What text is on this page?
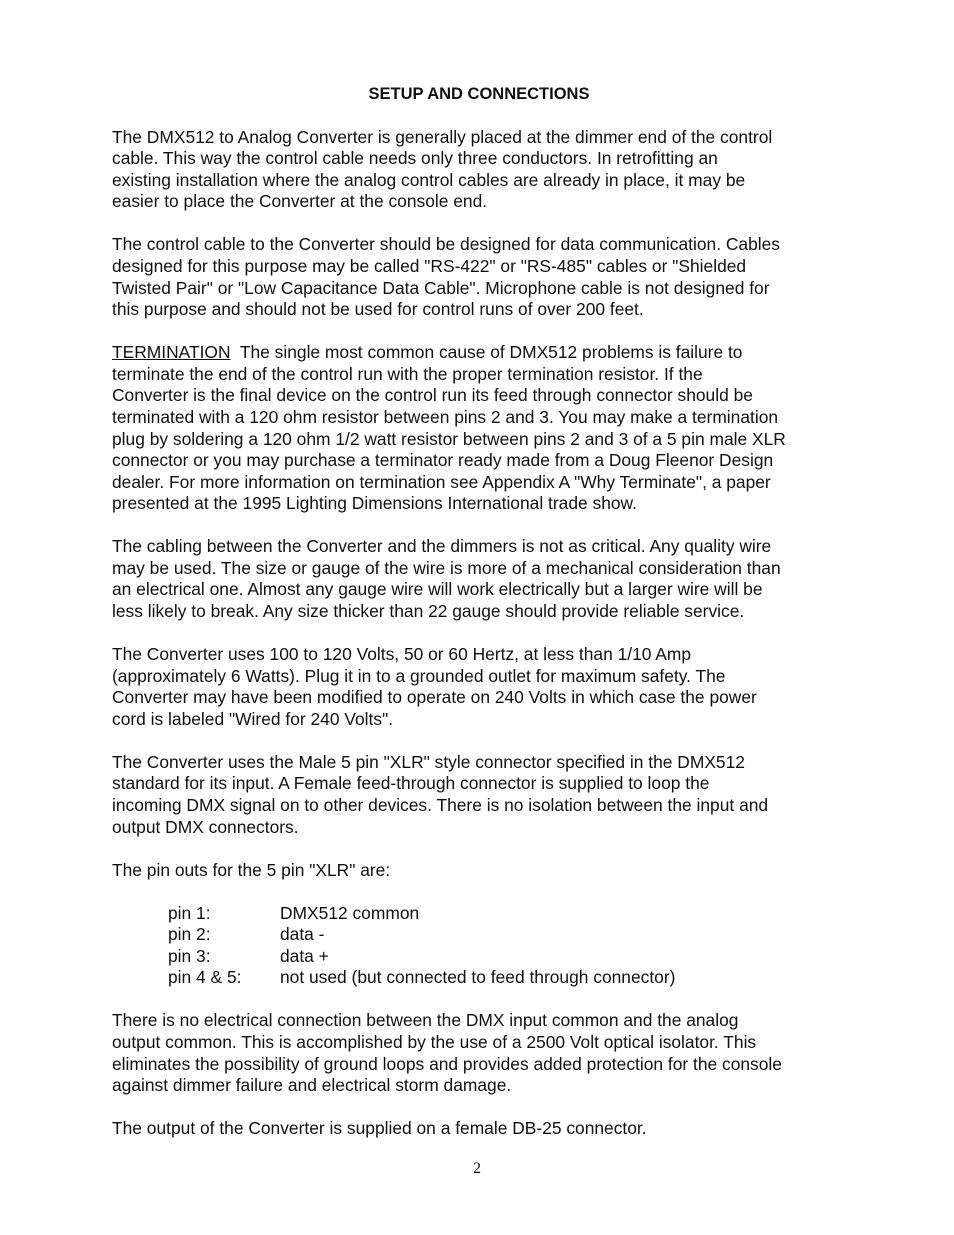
SETUP AND CONNECTIONS

The DMX512 to Analog Converter is generally placed at the dimmer end of the control
cable. This way the control cable needs only three conductors. In retrofitting an
existing installation where the analog control cables are already in place, it may be
easier to place the Converter at the console end.

The control cable to the Converter should be designed for data communication. Cables
designed for this purpose may be called "RS-422" or "RS-485" cables or "Shielded
Twisted Pair" or "Low Capacitance Data Cable". Microphone cable is not designed for
this purpose and should not be used for control runs of over 200 feet.

TERMINATION  The single most common cause of DMX512 problems is failure to
terminate the end of the control run with the proper termination resistor. If the
Converter is the final device on the control run its feed through connector should be
terminated with a 120 ohm resistor between pins 2 and 3. You may make a termination
plug by soldering a 120 ohm 1/2 watt resistor between pins 2 and 3 of a 5 pin male XLR
connector or you may purchase a terminator ready made from a Doug Fleenor Design
dealer. For more information on termination see Appendix A "Why Terminate", a paper
presented at the 1995 Lighting Dimensions International trade show.

The cabling between the Converter and the dimmers is not as critical. Any quality wire
may be used. The size or gauge of the wire is more of a mechanical consideration than
an electrical one. Almost any gauge wire will work electrically but a larger wire will be
less likely to break. Any size thicker than 22 gauge should provide reliable service.

The Converter uses 100 to 120 Volts, 50 or 60 Hertz, at less than 1/10 Amp
(approximately 6 Watts). Plug it in to a grounded outlet for maximum safety. The
Converter may have been modified to operate on 240 Volts in which case the power
cord is labeled "Wired for 240 Volts".

The Converter uses the Male 5 pin "XLR" style connector specified in the DMX512
standard for its input. A Female feed-through connector is supplied to loop the
incoming DMX signal on to other devices. There is no isolation between the input and
output DMX connectors.

The pin outs for the 5 pin "XLR" are:

pin 1:	DMX512 common
pin 2:	data -
pin 3:	data +
pin 4 & 5:	not used (but connected to feed through connector)

There is no electrical connection between the DMX input common and the analog
output common. This is accomplished by the use of a 2500 Volt optical isolator. This
eliminates the possibility of ground loops and provides added protection for the console
against dimmer failure and electrical storm damage.

The output of the Converter is supplied on a female DB-25 connector.

2
